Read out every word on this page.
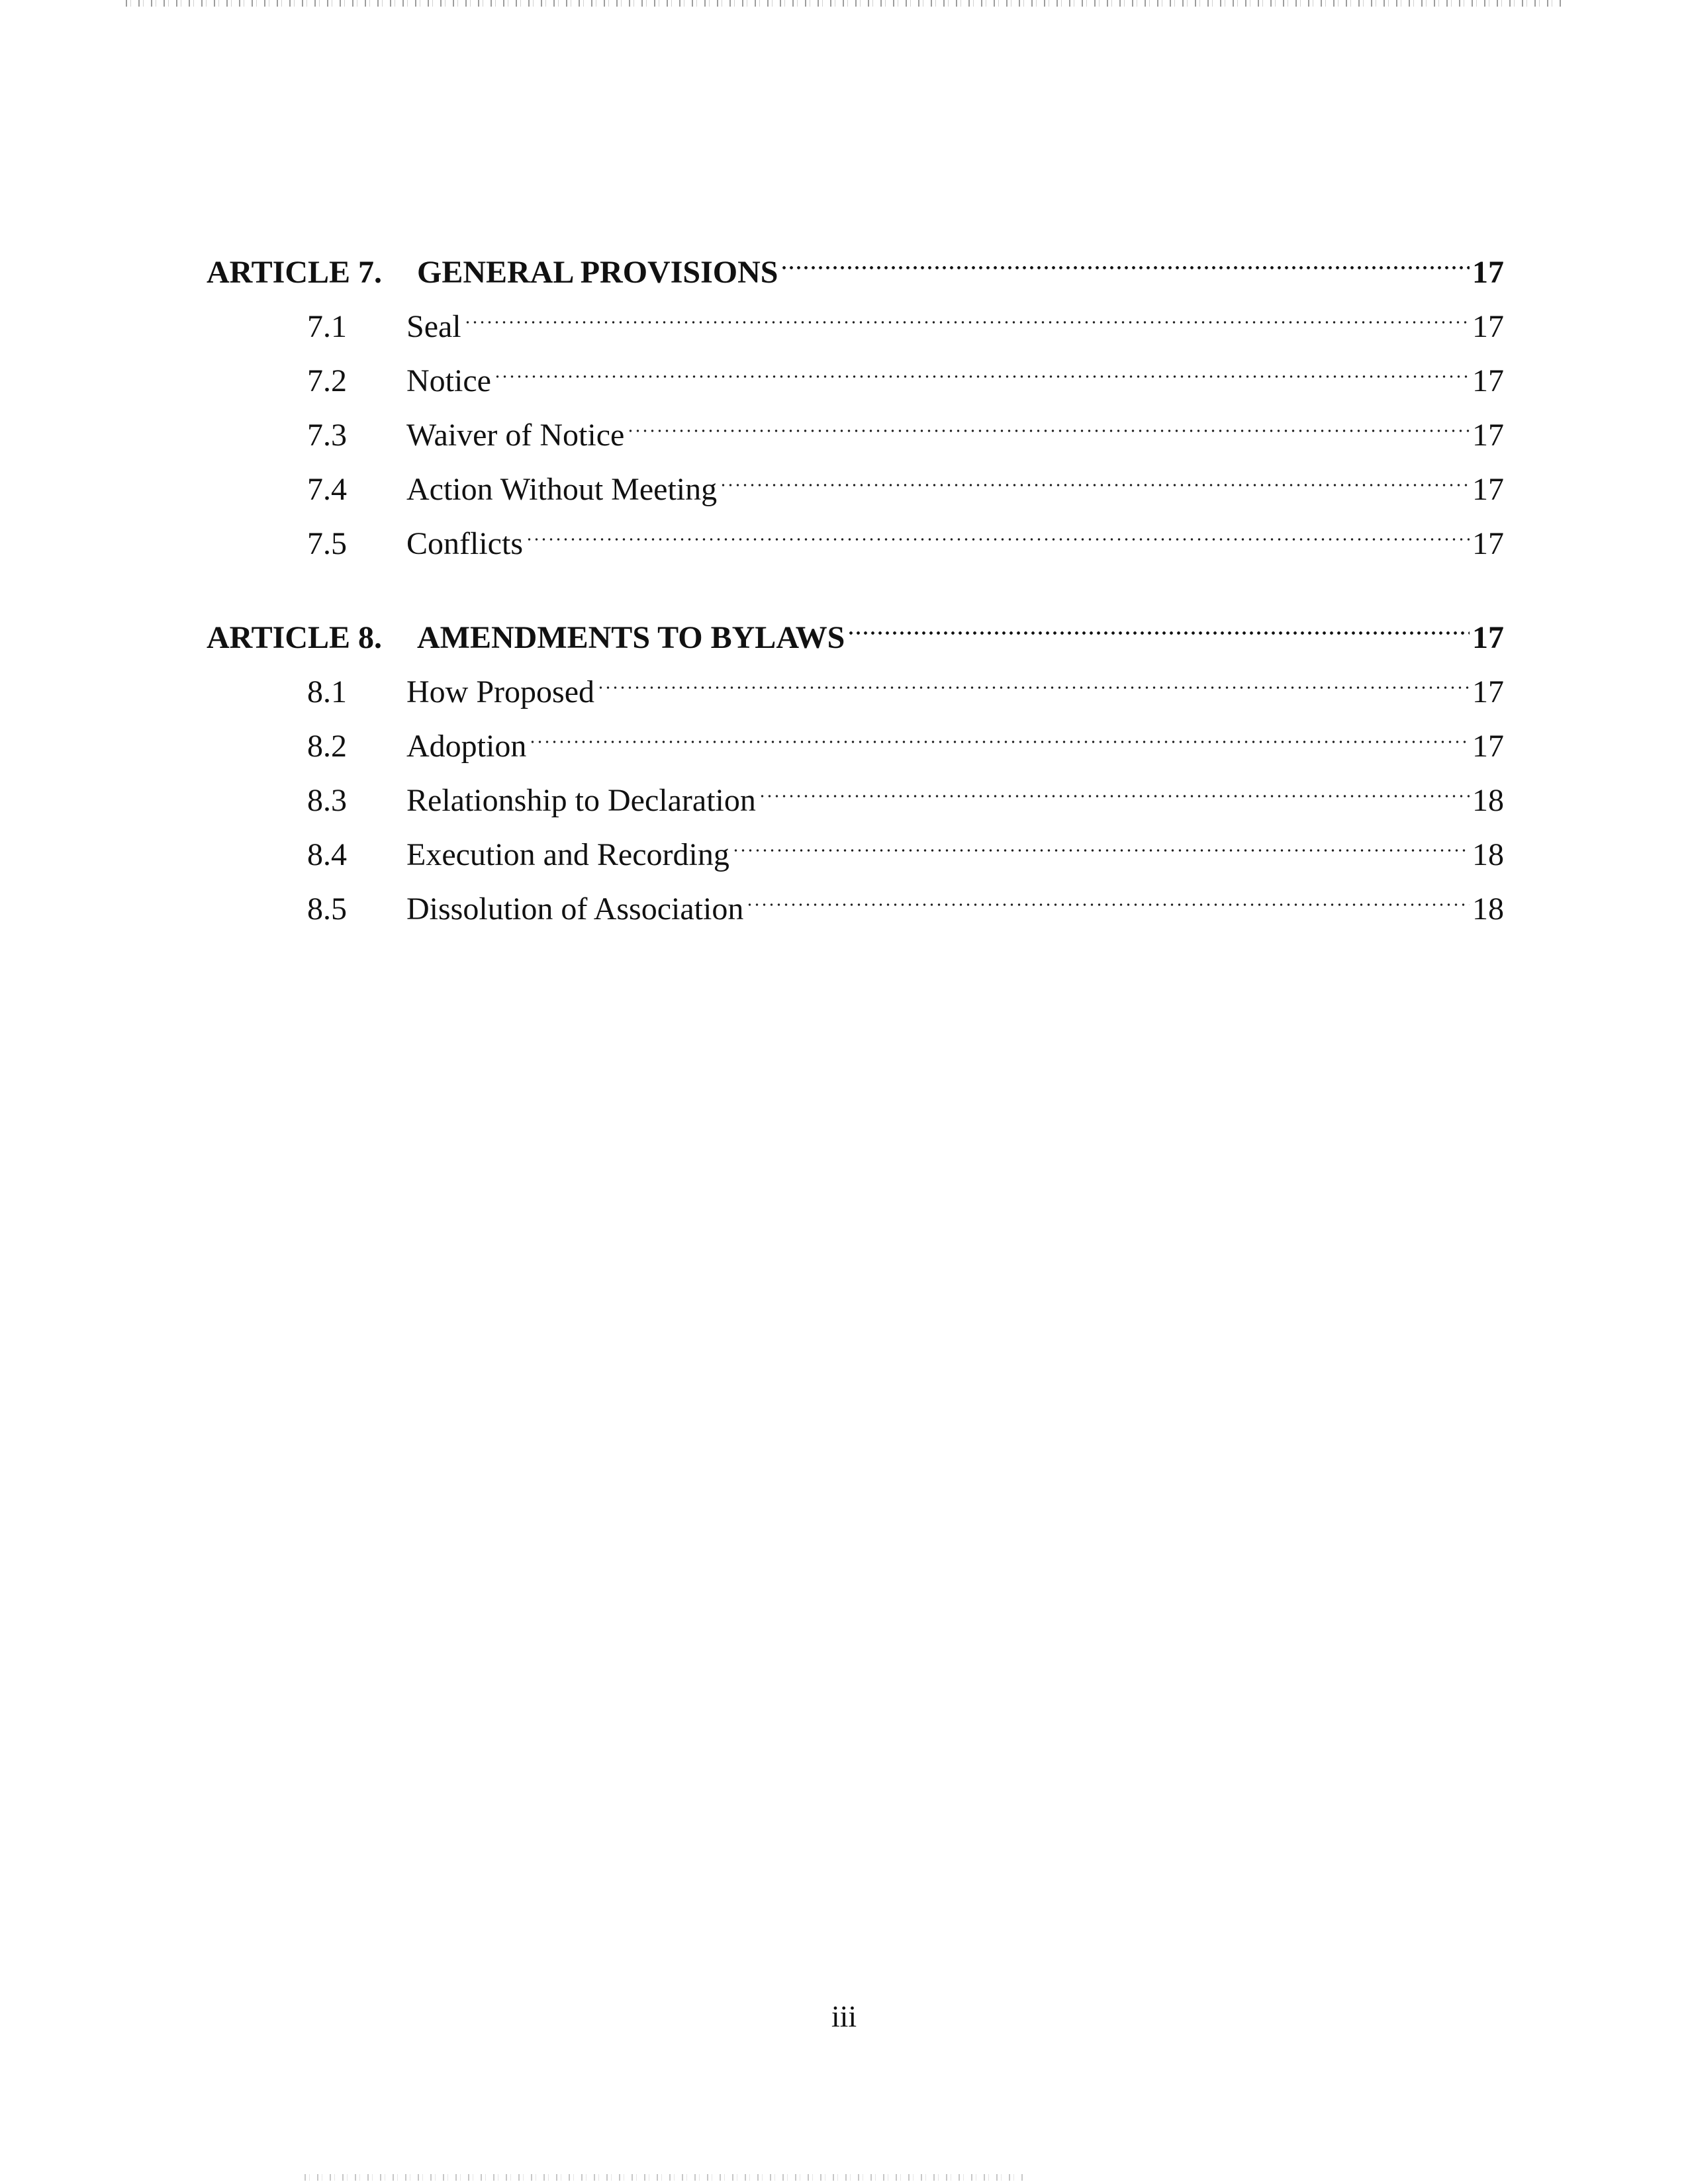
ARTICLE 7.	GENERAL PROVISIONS	17
7.1	Seal	17
7.2	Notice	17
7.3	Waiver of Notice	17
7.4	Action Without Meeting	17
7.5	Conflicts	17
ARTICLE 8.	AMENDMENTS TO BYLAWS	17
8.1	How Proposed	17
8.2	Adoption	17
8.3	Relationship to Declaration	18
8.4	Execution and Recording	18
8.5	Dissolution of Association	18
iii
